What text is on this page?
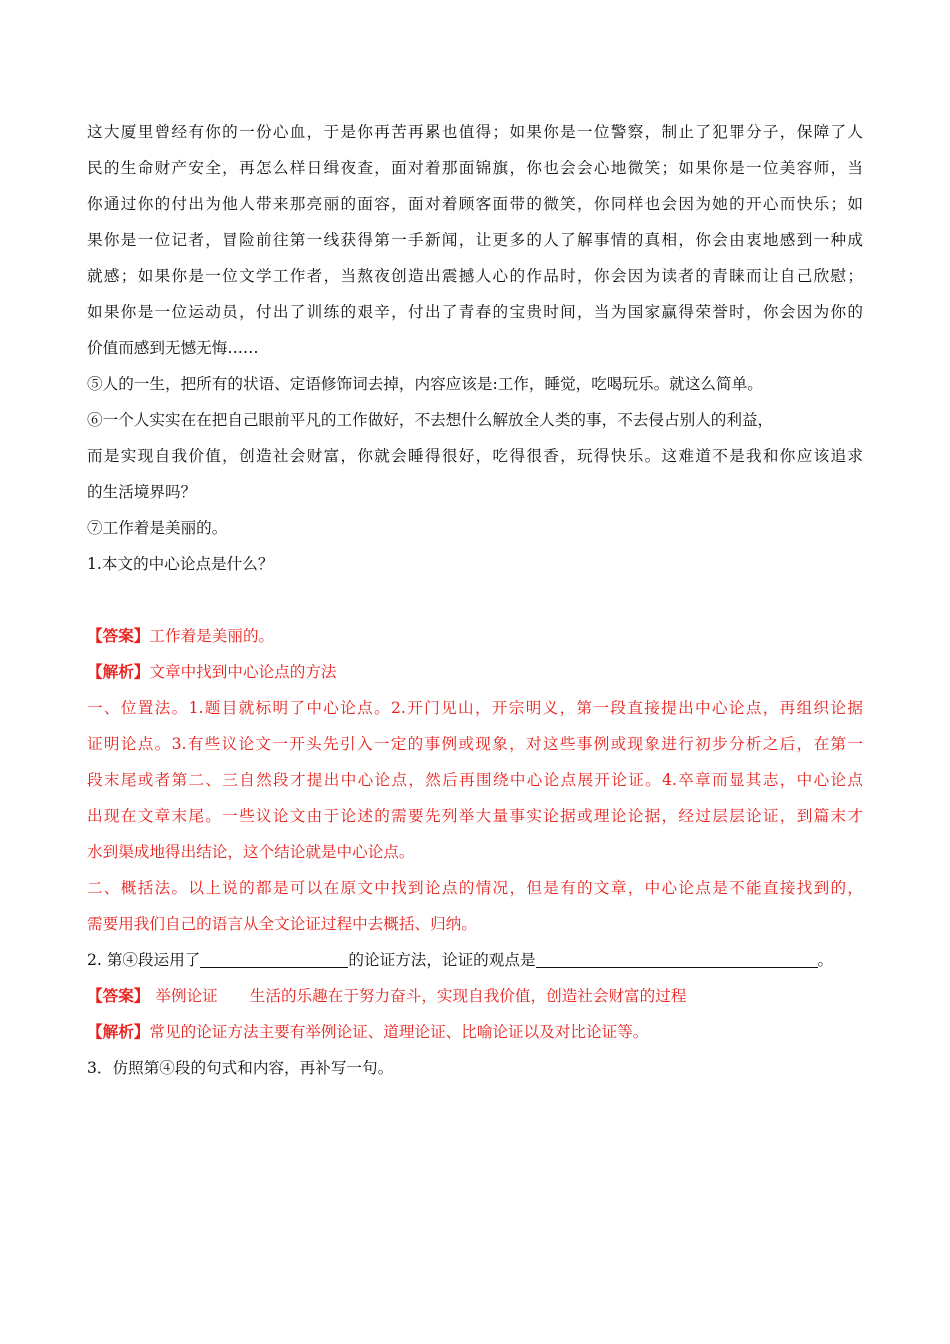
这大厦里曾经有你的一份心血，于是你再苦再累也值得；如果你是一位警察，制止了犯罪分子，保障了人
民的生命财产安全，再怎么样日缉夜查，面对着那面锦旗，你也会会心地微笑；如果你是一位美容师，当
你通过你的付出为他人带来那亮丽的面容，面对着顾客面带的微笑，你同样也会因为她的开心而快乐；如
果你是一位记者，冒险前往第一线获得第一手新闻，让更多的人了解事情的真相，你会由衷地感到一种成
就感；如果你是一位文学工作者，当熬夜创造出震撼人心的作品时，你会因为读者的青睐而让自己欣慰；
如果你是一位运动员，付出了训练的艰辛，付出了青春的宝贵时间，当为国家赢得荣誉时，你会因为你的
价值而感到无憾无悔……
⑤人的一生，把所有的状语、定语修饰词去掉，内容应该是:工作，睡觉，吃喝玩乐。就这么简单。
⑥一个人实实在在把自己眼前平凡的工作做好，不去想什么解放全人类的事，不去侵占别人的利益，
而是实现自我价值，创造社会财富，你就会睡得很好，吃得很香，玩得快乐。这难道不是我和你应该追求
的生活境界吗？
⑦工作着是美丽的。
1.本文的中心论点是什么？
【答案】工作着是美丽的。
【解析】文章中找到中心论点的方法
一、位置法。1.题目就标明了中心论点。2.开门见山，开宗明义，第一段直接提出中心论点，再组织论据
证明论点。3.有些议论文一开头先引入一定的事例或现象，对这些事例或现象进行初步分析之后，在第一
段末尾或者第二、三自然段才提出中心论点，然后再围绕中心论点展开论证。4.卒章而显其志，中心论点
出现在文章末尾。一些议论文由于论述的需要先列举大量事实论据或理论论据，经过层层论证，到篇末才
水到渠成地得出结论，这个结论就是中心论点。
二、概括法。以上说的都是可以在原文中找到论点的情况，但是有的文章，中心论点是不能直接找到的，
需要用我们自己的语言从全文论证过程中去概括、归纳。
2. 第④段运用了	的论证方法，论证的观点是	。
【答案】 举例论证 生活的乐趣在于努力奋斗，实现自我价值，创造社会财富的过程
【解析】常见的论证方法主要有举例论证、道理论证、比喻论证以及对比论证等。
3．仿照第④段的句式和内容，再补写一句。
